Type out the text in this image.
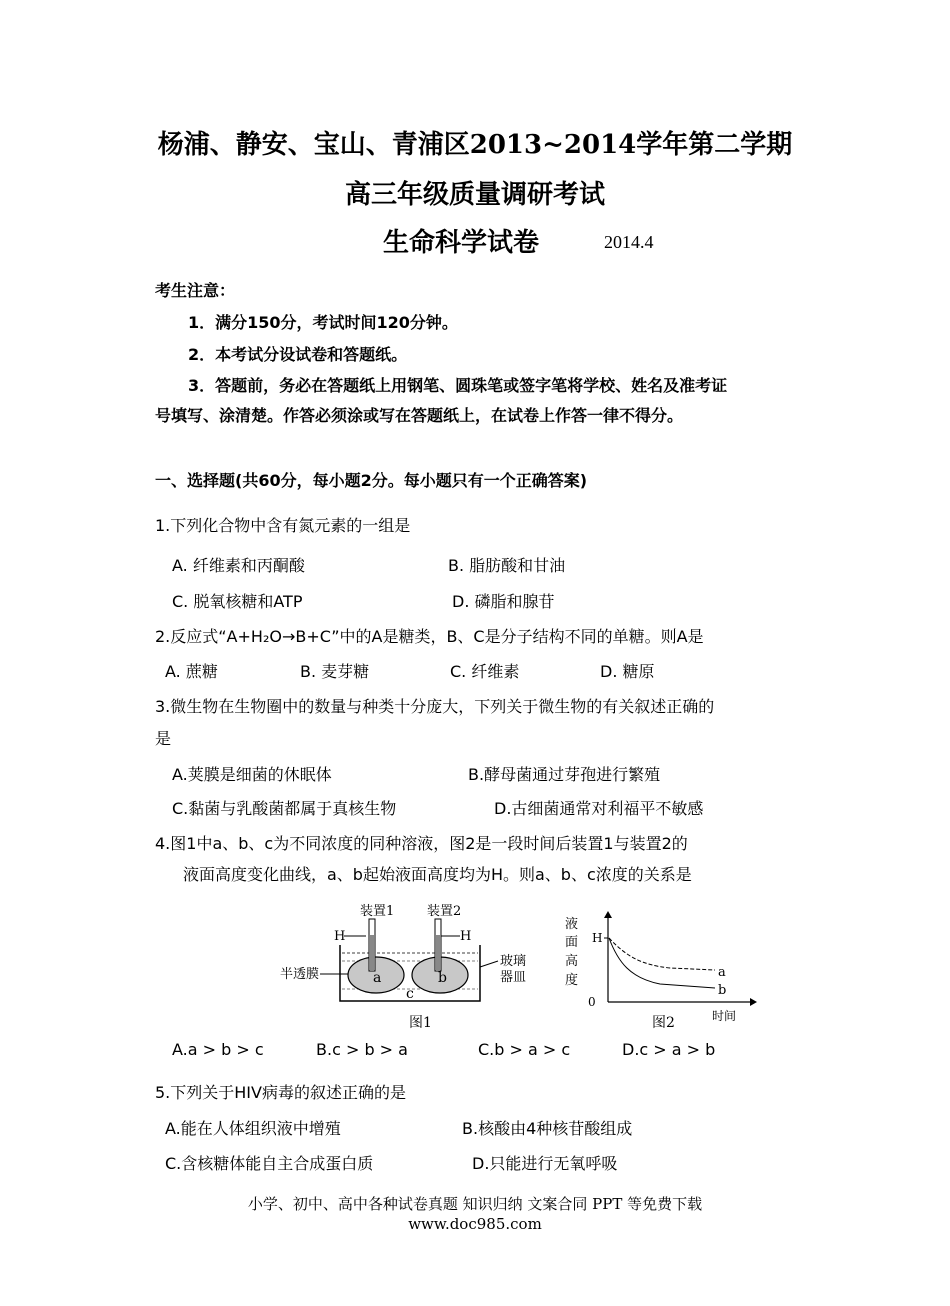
杨浦、静安、宝山、青浦区2013~2014学年第二学期
高三年级质量调研考试
生命科学试卷	2014.4
考生注意：
1．满分150分，考试时间120分钟。
2．本考试分设试卷和答题纸。
3．答题前，务必在答题纸上用钢笔、圆珠笔或签字笔将学校、姓名及准考证
号填写、涂清楚。作答必须涂或写在答题纸上，在试卷上作答一律不得分。
一、选择题(共60分，每小题2分。每小题只有一个正确答案)
1.下列化合物中含有氮元素的一组是
A. 纤维素和丙酮酸	B. 脂肪酸和甘油
C. 脱氧核糖和ATP	D. 磷脂和腺苷
2.反应式“A+H₂O→B+C”中的A是糖类，B、C是分子结构不同的单糖。则A是
A. 蔗糖	B. 麦芽糖	C. 纤维素	D. 糖原
3.微生物在生物圈中的数量与种类十分庞大，下列关于微生物的有关叙述正确的
是
A.荚膜是细菌的休眠体	B.酵母菌通过芽孢进行繁殖
C.黏菌与乳酸菌都属于真核生物	D.古细菌通常对利福平不敏感
4.图1中a、b、c为不同浓度的同种溶液，图2是一段时间后装置1与装置2的
液面高度变化曲线，a、b起始液面高度均为H。则a、b、c浓度的关系是
装置1	装置2
H	H
半透膜
玻璃
器皿
a	b
c
图1
液
面
高
度
H
0
a
b
图2	时间
A.a > b > c	B.c > b > a	C.b > a > c	D.c > a > b
5.下列关于HIV病毒的叙述正确的是
A.能在人体组织液中增殖	B.核酸由4种核苷酸组成
C.含核糖体能自主合成蛋白质	D.只能进行无氧呼吸
小学、初中、高中各种试卷真题 知识归纳 文案合同 PPT 等免费下载
www.doc985.com
